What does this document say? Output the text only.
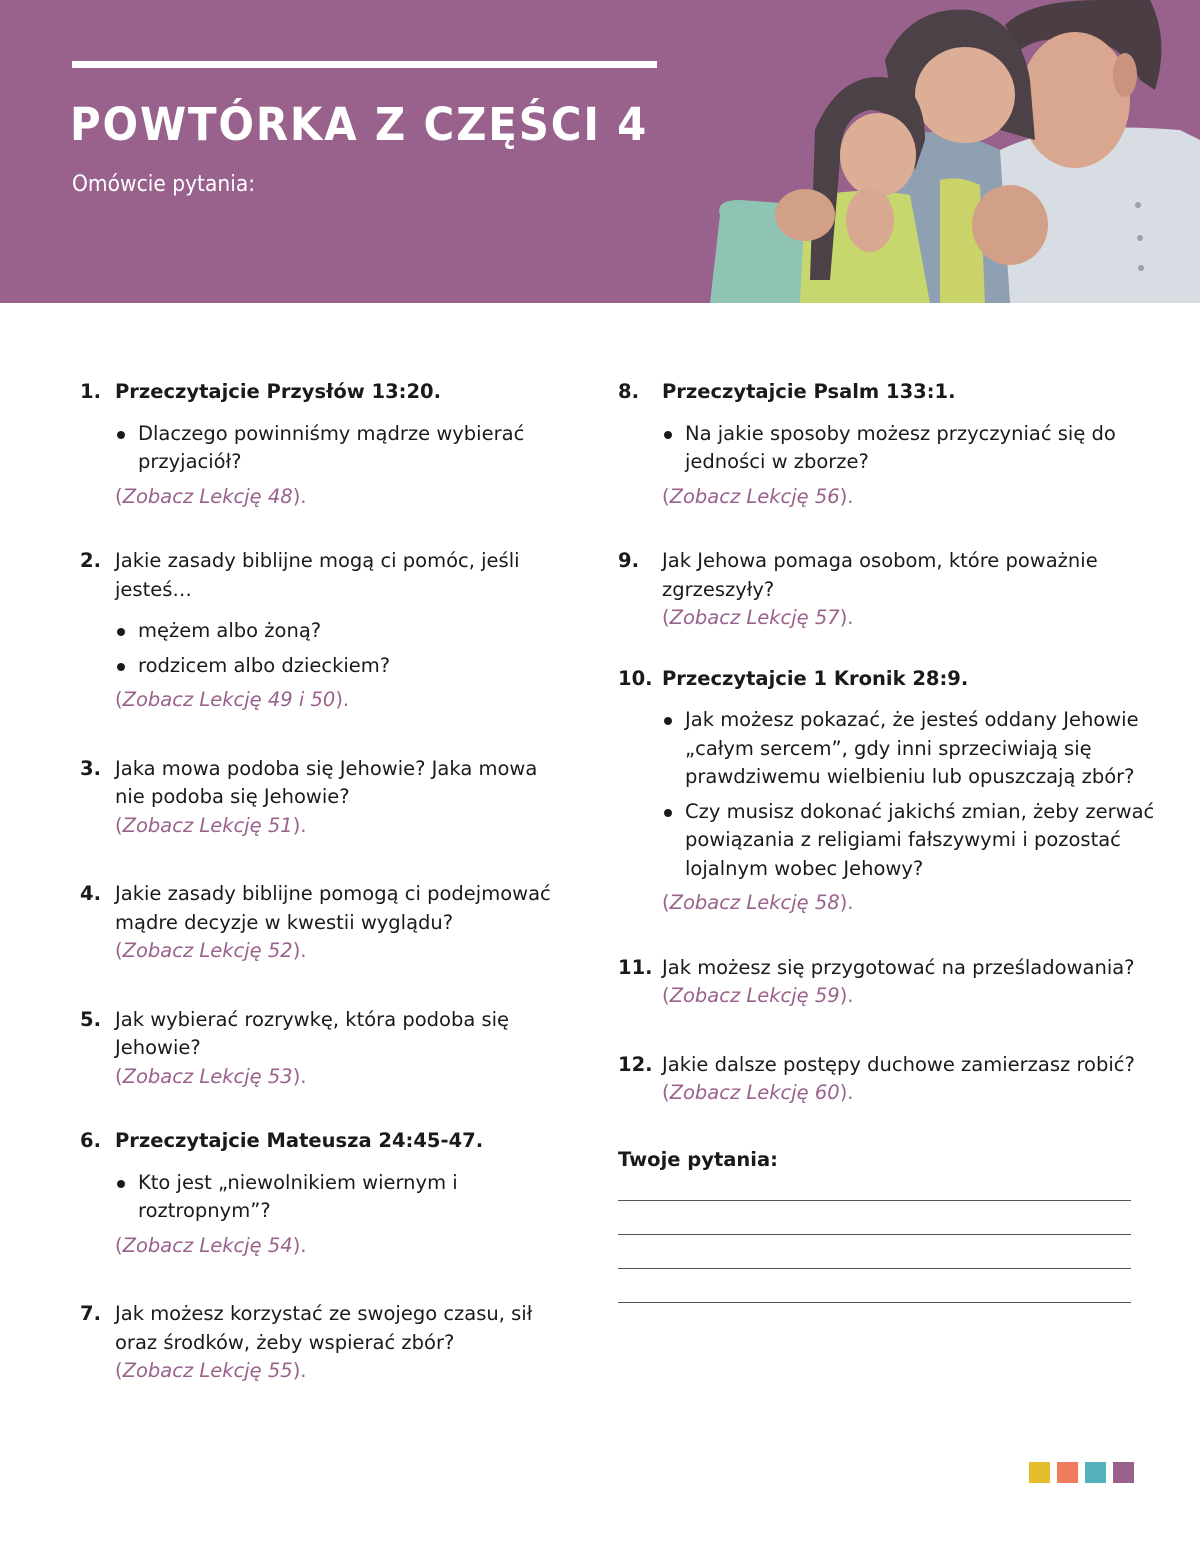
POWTÓRKA Z CZĘŚCI 4
Omówcie pytania:
1. Przeczytajcie Przysłów 13:20.
Dlaczego powinniśmy mądrze wybierać przyjaciół?
(Zobacz Lekcję 48).
2. Jakie zasady biblijne mogą ci pomóc, jeśli jesteś…
mężem albo żoną?
rodzicem albo dzieckiem?
(Zobacz Lekcję 49 i 50).
3. Jaka mowa podoba się Jehowie? Jaka mowa nie podoba się Jehowie?
(Zobacz Lekcję 51).
4. Jakie zasady biblijne pomogą ci podejmować mądre decyzje w kwestii wyglądu?
(Zobacz Lekcję 52).
5. Jak wybierać rozrywkę, która podoba się Jehowie?
(Zobacz Lekcję 53).
6. Przeczytajcie Mateusza 24:45-47.
Kto jest „niewolnikiem wiernym i roztropnym”?
(Zobacz Lekcję 54).
7. Jak możesz korzystać ze swojego czasu, sił oraz środków, żeby wspierać zbór?
(Zobacz Lekcję 55).
8. Przeczytajcie Psalm 133:1.
Na jakie sposoby możesz przyczyniać się do jedności w zborze?
(Zobacz Lekcję 56).
9. Jak Jehowa pomaga osobom, które poważnie zgrzeszyły?
(Zobacz Lekcję 57).
10. Przeczytajcie 1 Kronik 28:9.
Jak możesz pokazać, że jesteś oddany Jehowie „całym sercem”, gdy inni sprzeciwiają się prawdziwemu wielbieniu lub opuszczają zbór?
Czy musisz dokonać jakichś zmian, żeby zerwać powiązania z religiami fałszywymi i pozostać lojalnym wobec Jehowy?
(Zobacz Lekcję 58).
11. Jak możesz się przygotować na prześladowania?
(Zobacz Lekcję 59).
12. Jakie dalsze postępy duchowe zamierzasz robić?
(Zobacz Lekcję 60).
Twoje pytania:
